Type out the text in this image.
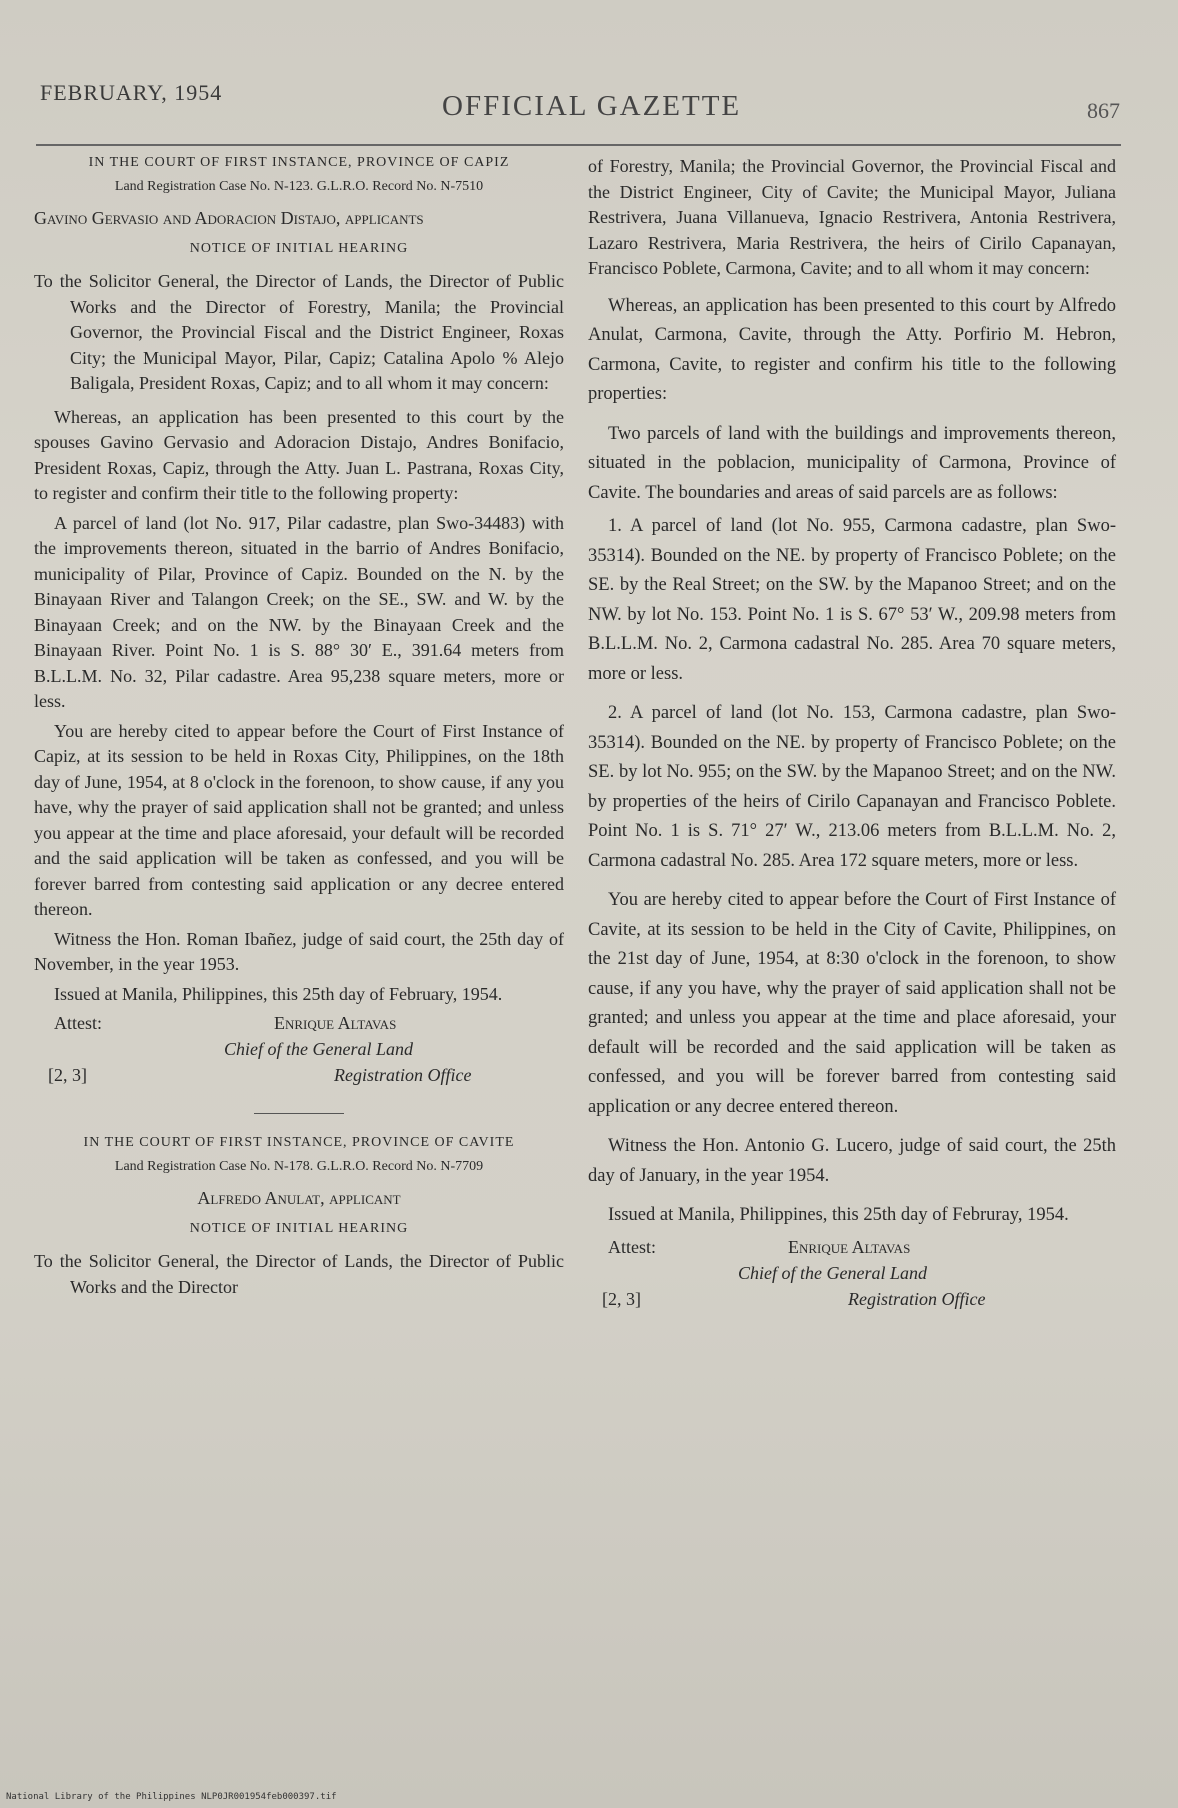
FEBRUARY, 1954	OFFICIAL GAZETTE	867
IN THE COURT OF FIRST INSTANCE, PROVINCE OF CAPIZ
Land Registration Case No. N-123. G.L.R.O. Record No. N-7510
Gavino Gervasio and Adoracion Distajo, applicants
NOTICE OF INITIAL HEARING
To the Solicitor General, the Director of Lands, the Director of Public Works and the Director of Forestry, Manila; the Provincial Governor, the Provincial Fiscal and the District Engineer, Roxas City; the Municipal Mayor, Pilar, Capiz; Catalina Apolo % Alejo Baligala, President Roxas, Capiz; and to all whom it may concern:

Whereas, an application has been presented to this court by the spouses Gavino Gervasio and Adoracion Distajo, Andres Bonifacio, President Roxas, Capiz, through the Atty. Juan L. Pastrana, Roxas City, to register and confirm their title to the following property:

A parcel of land (lot No. 917, Pilar cadastre, plan Swo-34483) with the improvements thereon, situated in the barrio of Andres Bonifacio, municipality of Pilar, Province of Capiz. Bounded on the N. by the Binayaan River and Talangon Creek; on the SE., SW. and W. by the Binayaan Creek; and on the NW. by the Binayaan Creek and the Binayaan River. Point No. 1 is S. 88° 30′ E., 391.64 meters from B.L.L.M. No. 32, Pilar cadastre. Area 95,238 square meters, more or less.

You are hereby cited to appear before the Court of First Instance of Capiz, at its session to be held in Roxas City, Philippines, on the 18th day of June, 1954, at 8 o'clock in the forenoon, to show cause, if any you have, why the prayer of said application shall not be granted; and unless you appear at the time and place aforesaid, your default will be recorded and the said application will be taken as confessed, and you will be forever barred from contesting said application or any decree entered thereon.

Witness the Hon. Roman Ibañez, judge of said court, the 25th day of November, in the year 1953.

Issued at Manila, Philippines, this 25th day of February, 1954.

Attest:	Enrique Altavas
Chief of the General Land
[2, 3]	Registration Office
IN THE COURT OF FIRST INSTANCE, PROVINCE OF CAVITE
Land Registration Case No. N-178. G.L.R.O. Record No. N-7709
Alfredo Anulat, applicant
NOTICE OF INITIAL HEARING
To the Solicitor General, the Director of Lands, the Director of Public Works and the Director

of Forestry, Manila; the Provincial Governor, the Provincial Fiscal and the District Engineer, City of Cavite; the Municipal Mayor, Juliana Restrivera, Juana Villanueva, Ignacio Restrivera, Antonia Restrivera, Lazaro Restrivera, Maria Restrivera, the heirs of Cirilo Capanayan, Francisco Poblete, Carmona, Cavite; and to all whom it may concern:

Whereas, an application has been presented to this court by Alfredo Anulat, Carmona, Cavite, through the Atty. Porfirio M. Hebron, Carmona, Cavite, to register and confirm his title to the following properties:

Two parcels of land with the buildings and improvements thereon, situated in the poblacion, municipality of Carmona, Province of Cavite. The boundaries and areas of said parcels are as follows:

1. A parcel of land (lot No. 955, Carmona cadastre, plan Swo-35314). Bounded on the NE. by property of Francisco Poblete; on the SE. by the Real Street; on the SW. by the Mapanoo Street; and on the NW. by lot No. 153. Point No. 1 is S. 67° 53′ W., 209.98 meters from B.L.L.M. No. 2, Carmona cadastral No. 285. Area 70 square meters, more or less.

2. A parcel of land (lot No. 153, Carmona cadastre, plan Swo-35314). Bounded on the NE. by property of Francisco Poblete; on the SE. by lot No. 955; on the SW. by the Mapanoo Street; and on the NW. by properties of the heirs of Cirilo Capanayan and Francisco Poblete. Point No. 1 is S. 71° 27′ W., 213.06 meters from B.L.L.M. No. 2, Carmona cadastral No. 285. Area 172 square meters, more or less.

You are hereby cited to appear before the Court of First Instance of Cavite, at its session to be held in the City of Cavite, Philippines, on the 21st day of June, 1954, at 8:30 o'clock in the forenoon, to show cause, if any you have, why the prayer of said application shall not be granted; and unless you appear at the time and place aforesaid, your default will be recorded and the said application will be taken as confessed, and you will be forever barred from contesting said application or any decree entered thereon.

Witness the Hon. Antonio G. Lucero, judge of said court, the 25th day of January, in the year 1954.

Issued at Manila, Philippines, this 25th day of Februray, 1954.

Attest:	Enrique Altavas
Chief of the General Land
[2, 3]	Registration Office
National Library of the Philippines NLP0JR001954feb000397.tif
